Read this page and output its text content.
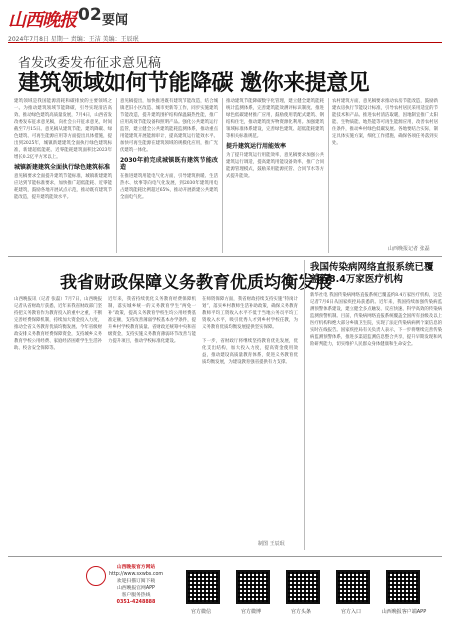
山西晚报 02 要闻
2024年7月8日 星期一 责编：王洁 美编：王辰珉
省发改委发布征求意见稿
建筑领域如何节能降碳 邀你来提意见
建筑领域是我国能源消耗和碳排放的主要领域之一。为推动建筑领域节能降碳，引导实现清洁高效、推动绿色建筑高质量发展，7月4日，山西省发改委发布征求意见稿，向社会公开征求意见，时间截至7月15日。意见稿从建筑节能、建筑降碳、绿色建筑、可再生能源应用等方面提出具体措施，提出到2025年，城镇新建建筑全面执行绿色建筑标准，新建超低能耗、近零能耗建筑面积比2023年增长0.2亿平方米以上。
城镇新建建筑全面执行绿色建筑标准
意见稿要求全面提升建筑节能标准，城镇新建建筑应达到节能标准要求，加快推广超低能耗、近零能耗建筑，鼓励各地开展试点示范，推动既有建筑节能改造，提升建筑能效水平。
意见稿提出，加快推进既有建筑节能改造，结合城镇老旧小区改造、城市更新等工作，同步实施建筑节能改造，提升建筑围护结构保温隔热性能，推广应用高效节能设备和照明产品。强化公共建筑运行监管，建立健全公共建筑能耗监测体系，推动重点用能建筑开展能源审计，提高建筑运行能效水平。加快可再生能源在建筑领域的规模化应用，推广光伏建筑一体化。
2030年前完成城镇既有建筑节能改造
在推进建筑用能电气化方面，引导建筑供暖、生活热水、炊事等向电气化发展，到2030年建筑用电占建筑能耗比例超过65%，推动开展新建公共建筑全面电气化。
推动建筑节能降碳数字化管理，建立健全建筑能耗统计监测体系，完善建筑能效测评标识制度。推进绿色低碳建材推广应用，鼓励使用装配式建筑、钢结构住宅，推动建筑废弃物资源化利用。加强建筑领域标准体系建设，完善绿色建筑、超低能耗建筑等相关标准规范。
提升建筑运行用能效率
为了提升建筑运行用能效率，意见稿要求加强公共建筑运行调适，提高建筑用能设备效率，推广合同能源管理模式，鼓励采用能源托管、合同节水等方式提升能效。
农村建筑方面，意见稿要求推动农房节能改造，鼓励新建农房执行节能设计标准，引导农村居民采用适宜的节能技术和产品。推进农村清洁取暖，因地制宜推广太阳能、生物质能、地热能等可再生能源应用，改善农村居住条件，推动乡村绿色低碳发展。各地要结合实际，制定具体实施方案，细化工作措施，确保各项任务落到实处。
山西晚报记者 张磊
我省财政保障义务教育优质均衡发展
山西晚报讯（记者 张磊）7月7日，山西晚报记者从省财政厅获悉，近年来我省财政部门坚持把义务教育作为教育投入的重中之重，不断完善经费保障机制，持续加大资金投入力度，推动全省义务教育优质均衡发展。今年省级财政安排义务教育经费保障资金，支持城乡义务教育学校公用经费、家庭经济困难学生生活补助、校舍安全保障等。
近年来，我省持续优化义务教育经费保障机制，落实城乡统一的义务教育学生“两免一补”政策，提高义务教育学校生均公用经费基准定额，支持改善薄弱学校基本办学条件，提升乡村学校教育质量。省财政还统筹中央和省级资金，支持实施义务教育薄弱环节改善与能力提升项目，推动学校标准化建设。
在师资保障方面，我省财政持续支持实施“特岗计划”，落实乡村教师生活补助政策，确保义务教育教师平均工资收入水平不低于当地公务员平均工资收入水平，吸引优秀人才到乡村学校任教，为义务教育优质均衡发展提供坚实保障。

下一步，省财政厅将继续坚持教育优先发展，优化支出结构，加大投入力度，提高资金使用效益，推动建设高质量教育体系，促进义务教育优质均衡发展，为建设教育强省提供有力支撑。
制图 王辰珉
我国传染病网络直报系统已覆盖约8.4万家医疗机构
新华社电 我国传染病网络直报系统已覆盖约8.4万家医疗机构，这是记者7月6日从国家疾控局获悉的。近年来，我国持续加强传染病监测预警体系建设，建立健全多点触发、反应快速、科学高效的传染病监测预警机制。目前，传染病网络直报系统覆盖全国所有县级及以上医疗机构和绝大部分乡镇卫生院，实现了法定传染病病例个案信息的实时在线报告。国家疾控局有关负责人表示，下一步将继续完善传染病监测预警体系，推进多渠道监测信息整合共享，提升早期发现和风险研判能力，切实维护人民群众身体健康和生命安全。
山西晚报官方网站
http://www.sxwbs.com
欢迎扫描订阅下载
山西晚报官网APP
客户服务热线
0351-4248888
官方微信	官方微博	官方头条	官方入口	山西晚报客户端APP
